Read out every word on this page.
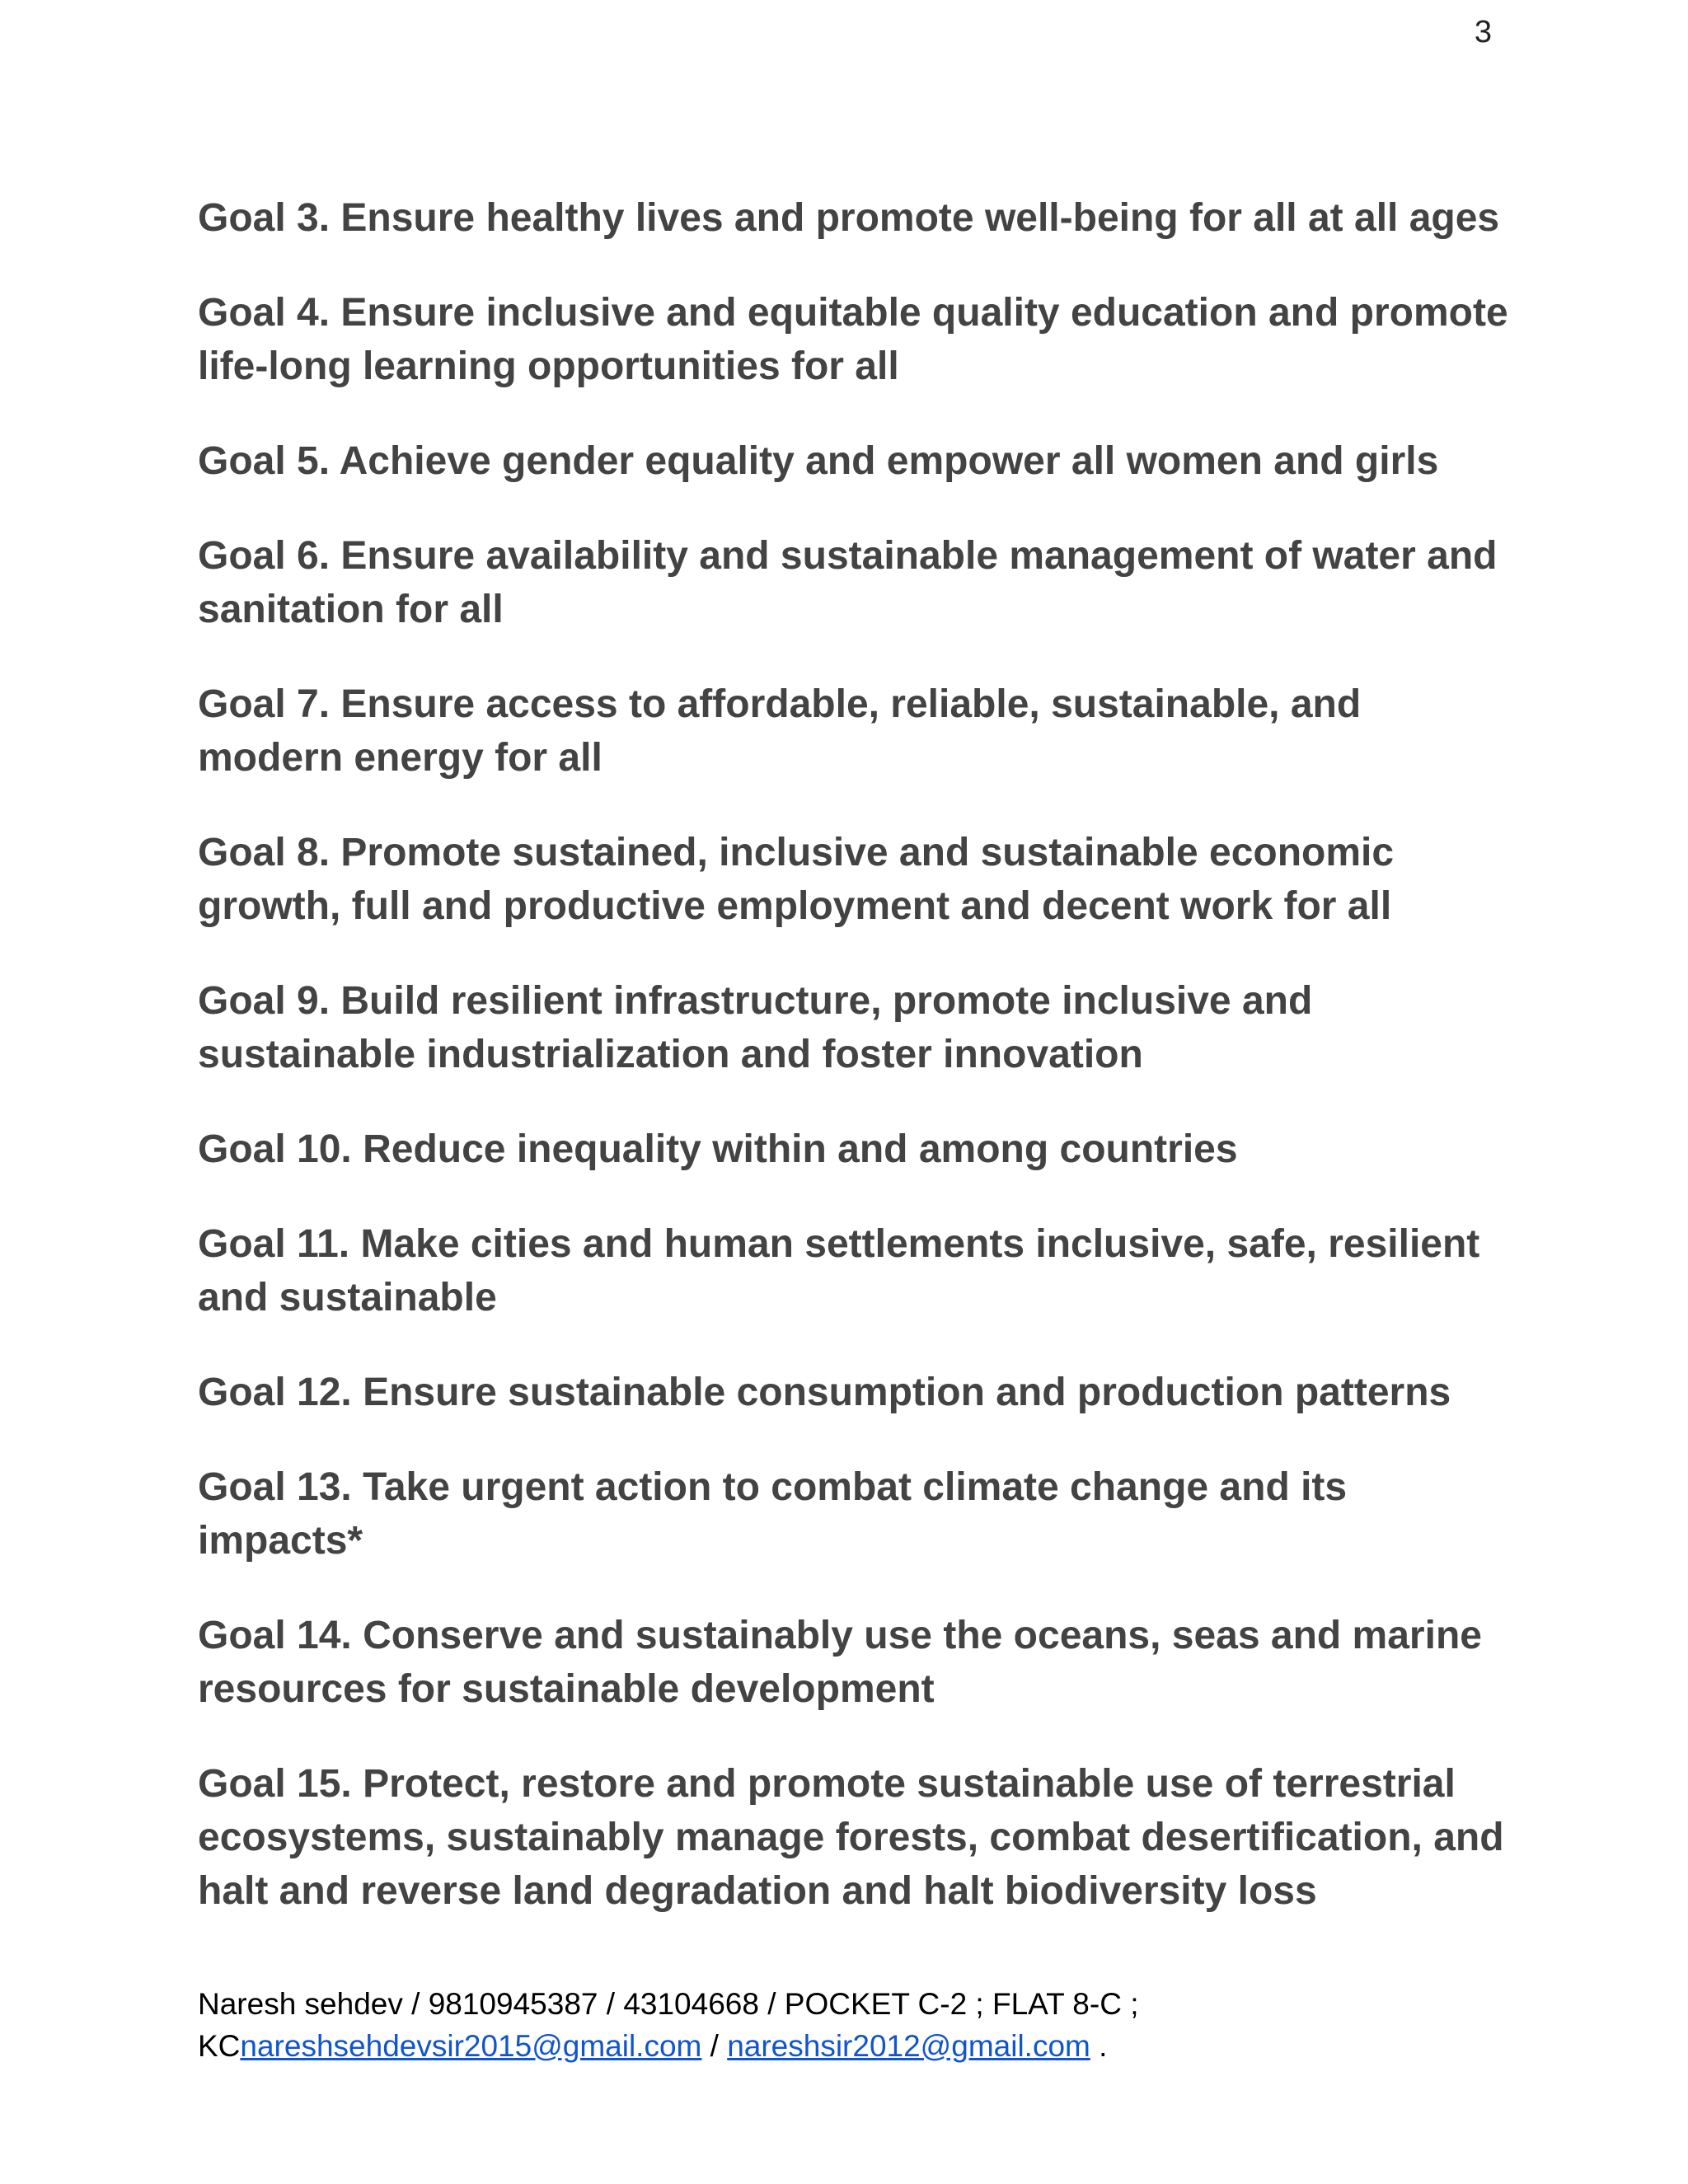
3

Goal 3. Ensure healthy lives and promote well-being for all at all ages

Goal 4. Ensure inclusive and equitable quality education and promote life-long learning opportunities for all

Goal 5. Achieve gender equality and empower all women and girls

Goal 6. Ensure availability and sustainable management of water and sanitation for all

Goal 7. Ensure access to affordable, reliable, sustainable, and modern energy for all

Goal 8. Promote sustained, inclusive and sustainable economic growth, full and productive employment and decent work for all

Goal 9. Build resilient infrastructure, promote inclusive and sustainable industrialization and foster innovation

Goal 10. Reduce inequality within and among countries

Goal 11. Make cities and human settlements inclusive, safe, resilient and sustainable

Goal 12. Ensure sustainable consumption and production patterns

Goal 13. Take urgent action to combat climate change and its impacts*

Goal 14. Conserve and sustainably use the oceans, seas and marine resources for sustainable development

Goal 15. Protect, restore and promote sustainable use of terrestrial ecosystems, sustainably manage forests, combat desertification, and halt and reverse land degradation and halt biodiversity loss

Naresh sehdev / 9810945387 / 43104668 / POCKET C-2 ; FLAT 8-C ;
KCnareshsehdevsir2015@gmail.com / nareshsir2012@gmail.com .
